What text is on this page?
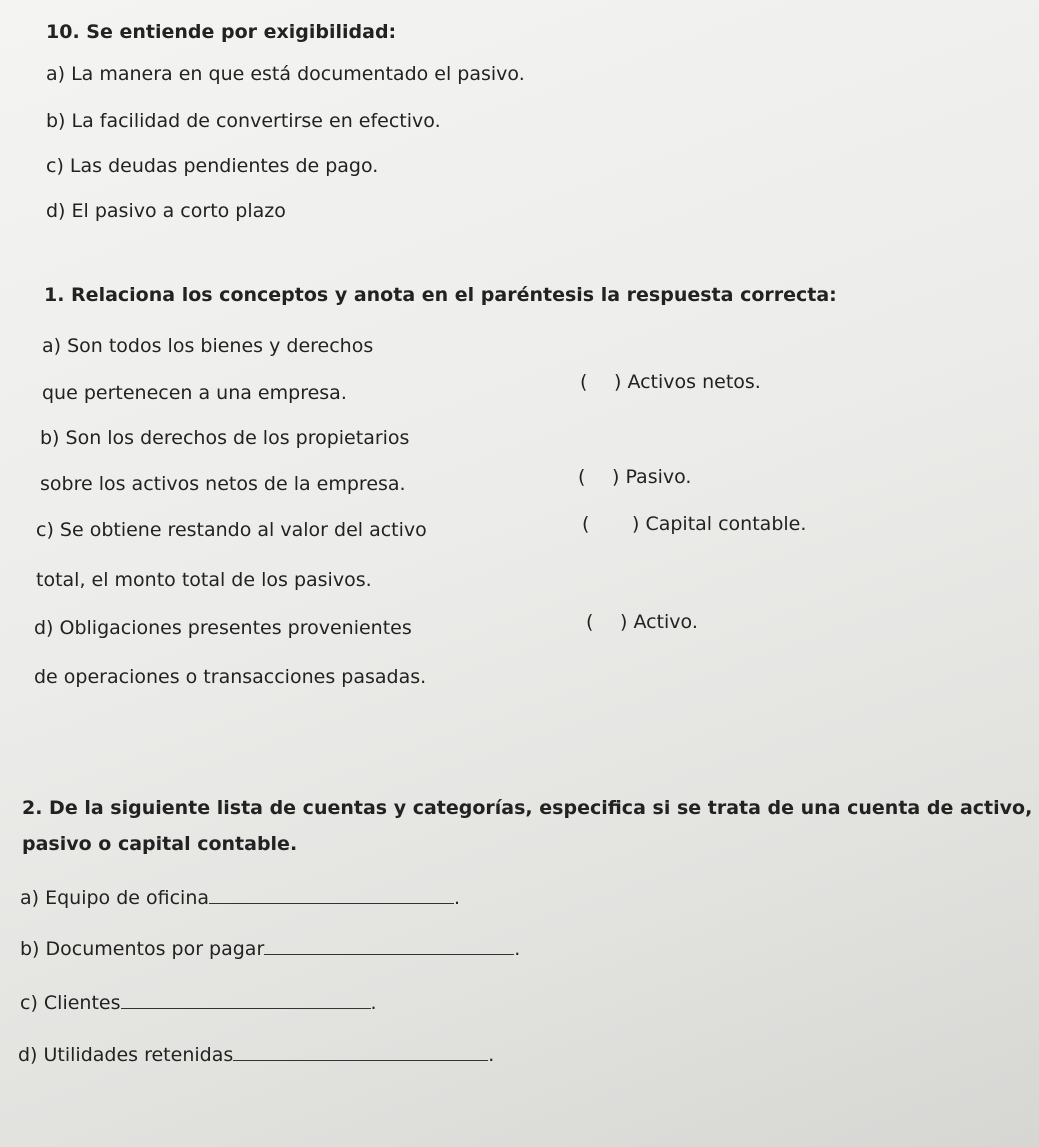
10. Se entiende por exigibilidad:
a) La manera en que está documentado el pasivo.
b) La facilidad de convertirse en efectivo.
c) Las deudas pendientes de pago.
d) El pasivo a corto plazo
1. Relaciona los conceptos y anota en el paréntesis la respuesta correcta:
a) Son todos los bienes y derechos
que pertenecen a una empresa.
b) Son los derechos de los propietarios
sobre los activos netos de la empresa.
c) Se obtiene restando al valor del activo
total, el monto total de los pasivos.
d) Obligaciones presentes provenientes
de operaciones o transacciones pasadas.
( ) Activos netos.
( ) Pasivo.
( ) Capital contable.
( ) Activo.
2. De la siguiente lista de cuentas y categorías, especifica si se trata de una cuenta de activo,
pasivo o capital contable.
a) Equipo de oficina	.
b) Documentos por pagar	.
c) Clientes	.
d) Utilidades retenidas	.
